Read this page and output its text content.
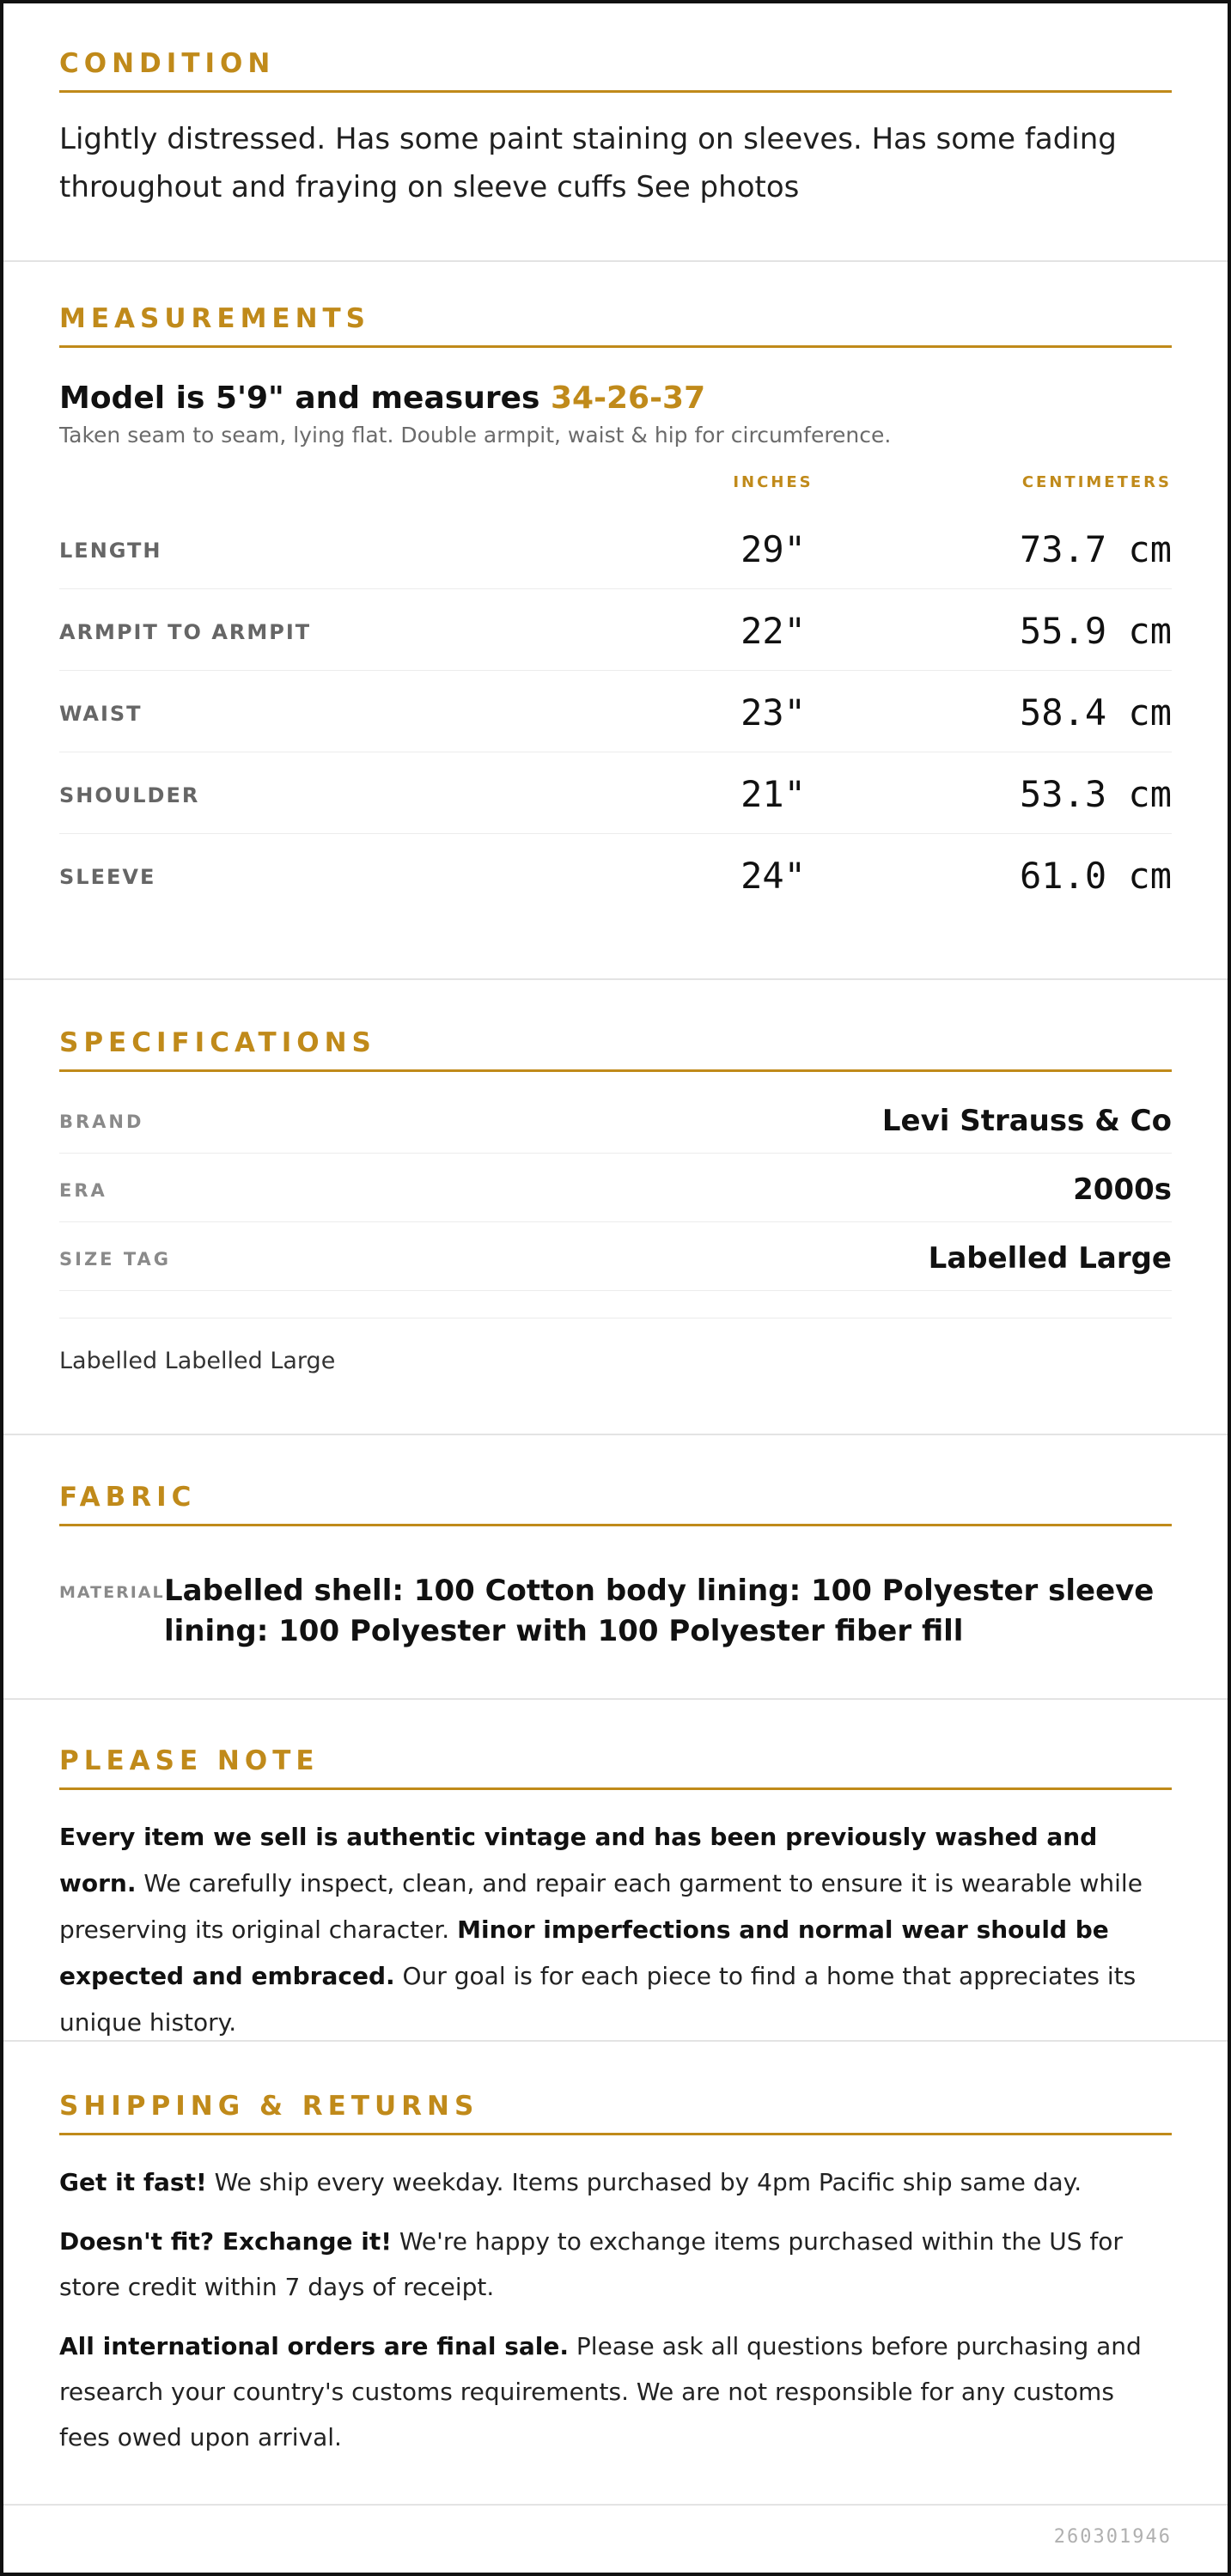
CONDITION

Lightly distressed. Has some paint staining on sleeves. Has some fading throughout and fraying on sleeve cuffs See photos

MEASUREMENTS
Model is 5'9" and measures 34-26-37
Taken seam to seam, lying flat. Double armpit, waist & hip for circumference.
INCHES	CENTIMETERS
LENGTH	29"	73.7 cm
ARMPIT TO ARMPIT	22"	55.9 cm
WAIST	23"	58.4 cm
SHOULDER	21"	53.3 cm
SLEEVE	24"	61.0 cm
SPECIFICATIONS
BRAND	Levi Strauss & Co
ERA	2000s
SIZE TAG	Labelled Large
Labelled Labelled Large
FABRIC
MATERIAL Labelled shell: 100 Cotton body lining: 100 Polyester sleeve lining: 100 Polyester with 100 Polyester fiber fill
PLEASE NOTE

Every item we sell is authentic vintage and has been previously washed and worn. We carefully inspect, clean, and repair each garment to ensure it is wearable while preserving its original character. Minor imperfections and normal wear should be expected and embraced. Our goal is for each piece to find a home that appreciates its unique history.

SHIPPING & RETURNS

Get it fast! We ship every weekday. Items purchased by 4pm Pacific ship same day.

Doesn't fit? Exchange it! We're happy to exchange items purchased within the US for store credit within 7 days of receipt.

All international orders are final sale. Please ask all questions before purchasing and research your country's customs requirements. We are not responsible for any customs fees owed upon arrival.

260301946
